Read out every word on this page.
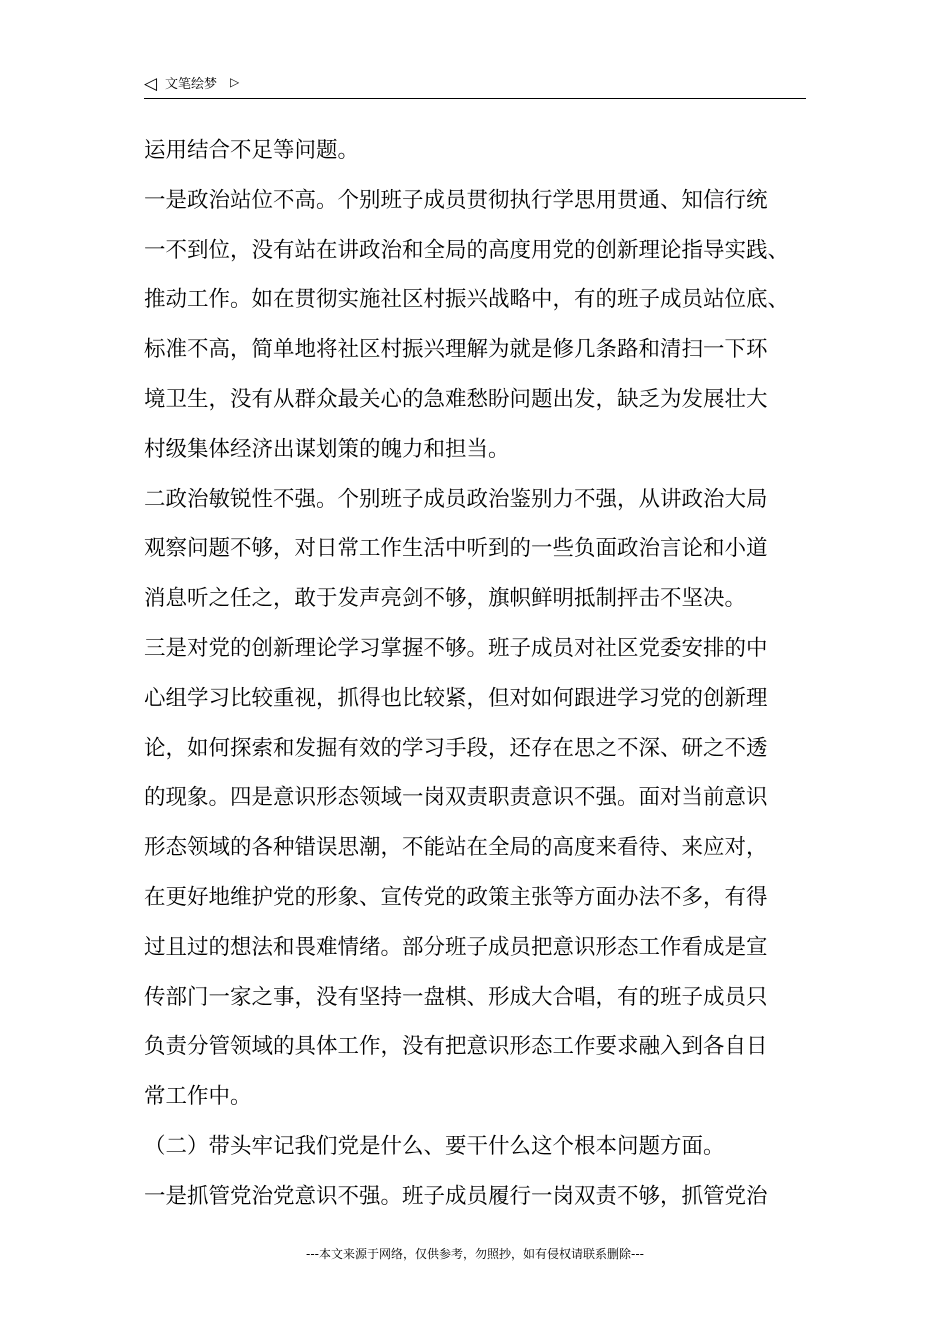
◁ 文笔绘梦 ▷
运用结合不足等问题。
一是政治站位不高。个别班子成员贯彻执行学思用贯通、知信行统
一不到位，没有站在讲政治和全局的高度用党的创新理论指导实践、
推动工作。如在贯彻实施社区村振兴战略中，有的班子成员站位底、
标准不高，简单地将社区村振兴理解为就是修几条路和清扫一下环
境卫生，没有从群众最关心的急难愁盼问题出发，缺乏为发展壮大
村级集体经济出谋划策的魄力和担当。
二政治敏锐性不强。个别班子成员政治鉴别力不强，从讲政治大局
观察问题不够，对日常工作生活中听到的一些负面政治言论和小道
消息听之任之，敢于发声亮剑不够，旗帜鲜明抵制抨击不坚决。
三是对党的创新理论学习掌握不够。班子成员对社区党委安排的中
心组学习比较重视，抓得也比较紧，但对如何跟进学习党的创新理
论，如何探索和发掘有效的学习手段，还存在思之不深、研之不透
的现象。四是意识形态领域一岗双责职责意识不强。面对当前意识
形态领域的各种错误思潮，不能站在全局的高度来看待、来应对，
在更好地维护党的形象、宣传党的政策主张等方面办法不多，有得
过且过的想法和畏难情绪。部分班子成员把意识形态工作看成是宣
传部门一家之事，没有坚持一盘棋、形成大合唱，有的班子成员只
负责分管领域的具体工作，没有把意识形态工作要求融入到各自日
常工作中。
（二）带头牢记我们党是什么、要干什么这个根本问题方面。
一是抓管党治党意识不强。班子成员履行一岗双责不够，抓管党治
---本文来源于网络，仅供参考，勿照抄，如有侵权请联系删除---
